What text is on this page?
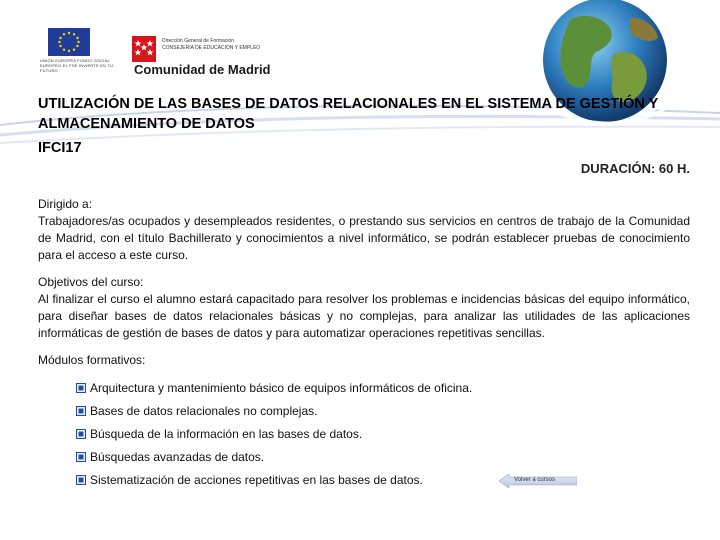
UNIÓN EUROPEA FONDO SOCIAL EUROPEO EL FSE INVIERTE EN TU FUTURO
Dirección General de Formación
CONSEJERÍA DE EDUCACIÓN Y EMPLEO
Comunidad de Madrid
UTILIZACIÓN DE LAS BASES DE DATOS RELACIONALES EN EL SISTEMA DE GESTIÓN Y ALMACENAMIENTO DE DATOS
IFCI17
DURACIÓN: 60 H.
Dirigido a:
Trabajadores/as ocupados y desempleados residentes, o prestando sus servicios en centros de trabajo de la Comunidad de Madrid, con el título Bachillerato y conocimientos a nivel informático, se podrán establecer pruebas de conocimiento para el acceso a este curso.
Objetivos del curso:
Al finalizar el curso el alumno estará capacitado para resolver los problemas e incidencias básicas del equipo informático, para diseñar bases de datos relacionales básicas y no complejas, para analizar las utilidades de las aplicaciones informáticas de gestión de bases de datos y para automatizar operaciones repetitivas sencillas.
Módulos formativos:
Arquitectura y mantenimiento básico de equipos informáticos de oficina.
Bases de datos relacionales no complejas.
Búsqueda de la información en las bases de datos.
Búsquedas avanzadas de datos.
Sistematización de acciones repetitivas en las bases de datos.	Volver a cursos
